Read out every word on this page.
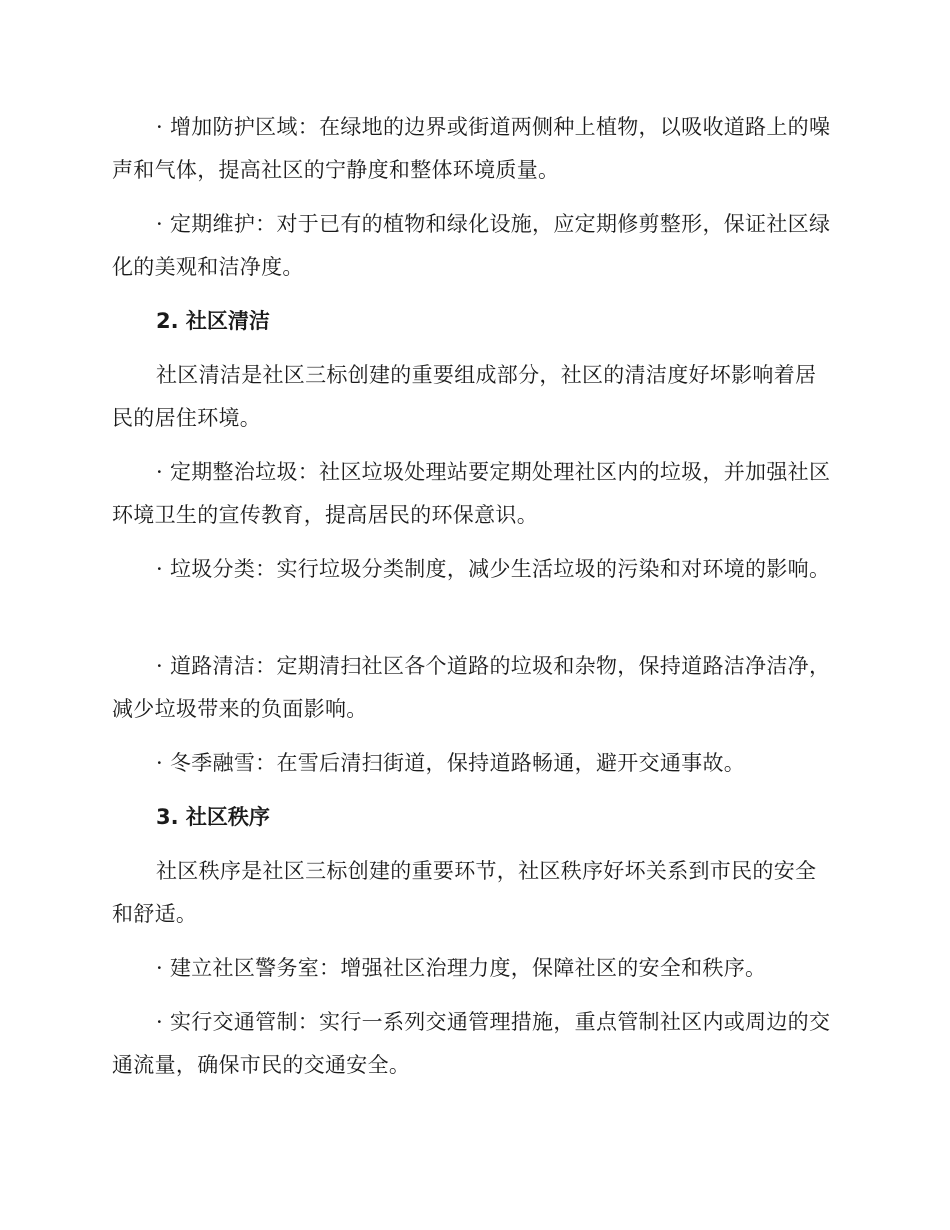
· 增加防护区域：在绿地的边界或街道两侧种上植物，以吸收道路上的噪声和气体，提高社区的宁静度和整体环境质量。

· 定期维护：对于已有的植物和绿化设施，应定期修剪整形，保证社区绿化的美观和洁净度。

2. 社区清洁

社区清洁是社区三标创建的重要组成部分，社区的清洁度好坏影响着居民的居住环境。

· 定期整治垃圾：社区垃圾处理站要定期处理社区内的垃圾，并加强社区环境卫生的宣传教育，提高居民的环保意识。

· 垃圾分类：实行垃圾分类制度，减少生活垃圾的污染和对环境的影响。

· 道路清洁：定期清扫社区各个道路的垃圾和杂物，保持道路洁净洁净，减少垃圾带来的负面影响。

· 冬季融雪：在雪后清扫街道，保持道路畅通，避开交通事故。

3. 社区秩序

社区秩序是社区三标创建的重要环节，社区秩序好坏关系到市民的安全和舒适。

· 建立社区警务室：增强社区治理力度，保障社区的安全和秩序。

· 实行交通管制：实行一系列交通管理措施，重点管制社区内或周边的交通流量，确保市民的交通安全。
